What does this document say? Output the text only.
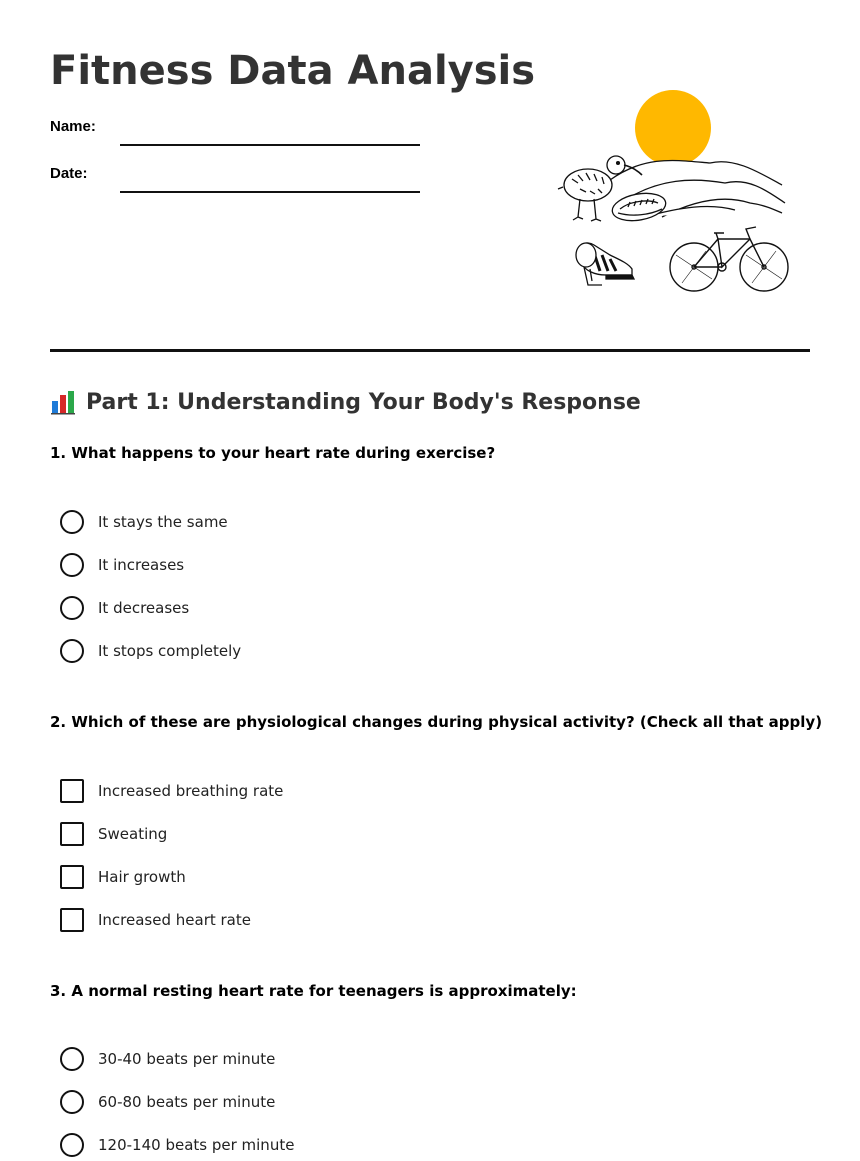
Fitness Data Analysis
Name:
Date:
Part 1: Understanding Your Body's Response

1. What happens to your heart rate during exercise?

It stays the same
It increases
It decreases
It stops completely

2. Which of these are physiological changes during physical activity? (Check all that apply)

Increased breathing rate
Sweating
Hair growth
Increased heart rate

3. A normal resting heart rate for teenagers is approximately:

30-40 beats per minute
60-80 beats per minute
120-140 beats per minute
